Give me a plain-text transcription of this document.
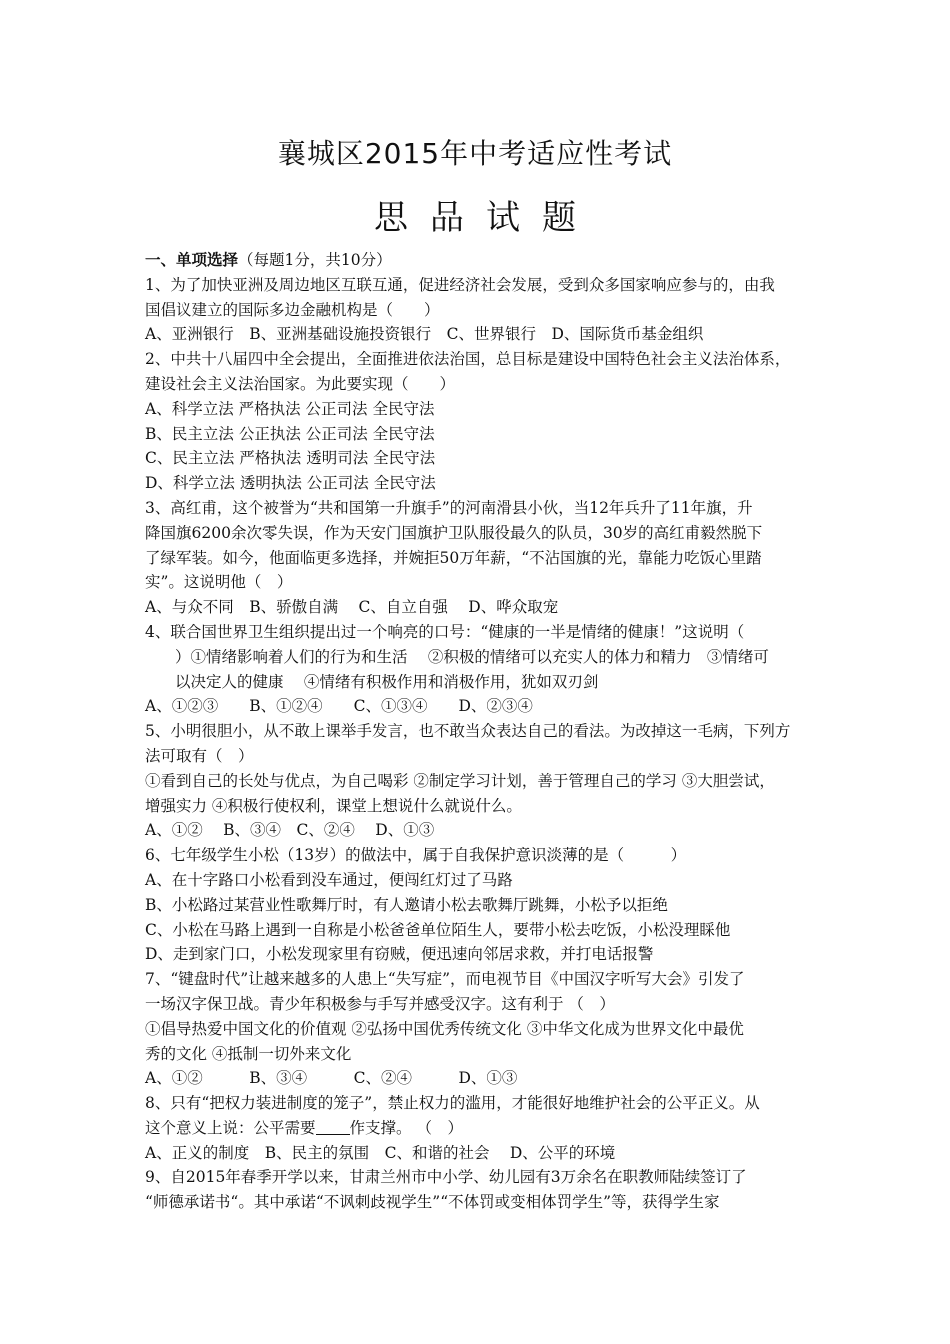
襄城区2015年中考适应性考试
思品试题
一、单项选择（每题1分，共10分）
1、为了加快亚洲及周边地区互联互通，促进经济社会发展，受到众多国家响应参与的，由我
国倡议建立的国际多边金融机构是（　　）
A、亚洲银行　B、亚洲基础设施投资银行　C、世界银行　D、国际货币基金组织
2、中共十八届四中全会提出，全面推进依法治国，总目标是建设中国特色社会主义法治体系，
建设社会主义法治国家。为此要实现（　　）
A、科学立法 严格执法 公正司法 全民守法
B、民主立法 公正执法 公正司法 全民守法
C、民主立法 严格执法 透明司法 全民守法
D、科学立法 透明执法 公正司法 全民守法
3、高红甫，这个被誉为“共和国第一升旗手”的河南滑县小伙，当12年兵升了11年旗，升
降国旗6200余次零失误，作为天安门国旗护卫队服役最久的队员，30岁的高红甫毅然脱下
了绿军装。如今，他面临更多选择，并婉拒50万年薪，“不沾国旗的光，靠能力吃饭心里踏
实”。这说明他（　）
A、与众不同　B、骄傲自满　 C、自立自强　 D、哗众取宠
4、联合国世界卫生组织提出过一个响亮的口号：“健康的一半是情绪的健康！”这说明（
）①情绪影响着人们的行为和生活　 ②积极的情绪可以充实人的体力和精力　③情绪可
以决定人的健康　 ④情绪有积极作用和消极作用，犹如双刃剑
A、①②③　　B、①②④　　C、①③④　　D、②③④
5、小明很胆小，从不敢上课举手发言，也不敢当众表达自己的看法。为改掉这一毛病，下列方
法可取有（　）
①看到自己的长处与优点，为自己喝彩 ②制定学习计划，善于管理自己的学习 ③大胆尝试，
增强实力 ④积极行使权利，课堂上想说什么就说什么。
A、①②　 B、③④　C、②④　 D、①③
6、七年级学生小松（13岁）的做法中，属于自我保护意识淡薄的是（　　　）
A、在十字路口小松看到没车通过，便闯红灯过了马路
B、小松路过某营业性歌舞厅时，有人邀请小松去歌舞厅跳舞，小松予以拒绝
C、小松在马路上遇到一自称是小松爸爸单位陌生人，要带小松去吃饭，小松没理睬他
D、走到家门口，小松发现家里有窃贼，便迅速向邻居求救，并打电话报警
7、“键盘时代”让越来越多的人患上“失写症”，而电视节目《中国汉字听写大会》引发了
一场汉字保卫战。青少年积极参与手写并感受汉字。这有利于 （　）
①倡导热爱中国文化的价值观 ②弘扬中国优秀传统文化 ③中华文化成为世界文化中最优
秀的文化 ④抵制一切外来文化
A、①②　　　B、③④　　　C、②④　　　D、①③
8、只有“把权力装进制度的笼子”，禁止权力的滥用，才能很好地维护社会的公平正义。从
这个意义上说：公平需要 作支撑。 （　）
A、正义的制度　B、民主的氛围　C、和谐的社会　 D、公平的环境
9、自2015年春季开学以来，甘肃兰州市中小学、幼儿园有3万余名在职教师陆续签订了
“师德承诺书“。其中承诺“不讽刺歧视学生”“不体罚或变相体罚学生”等，获得学生家
